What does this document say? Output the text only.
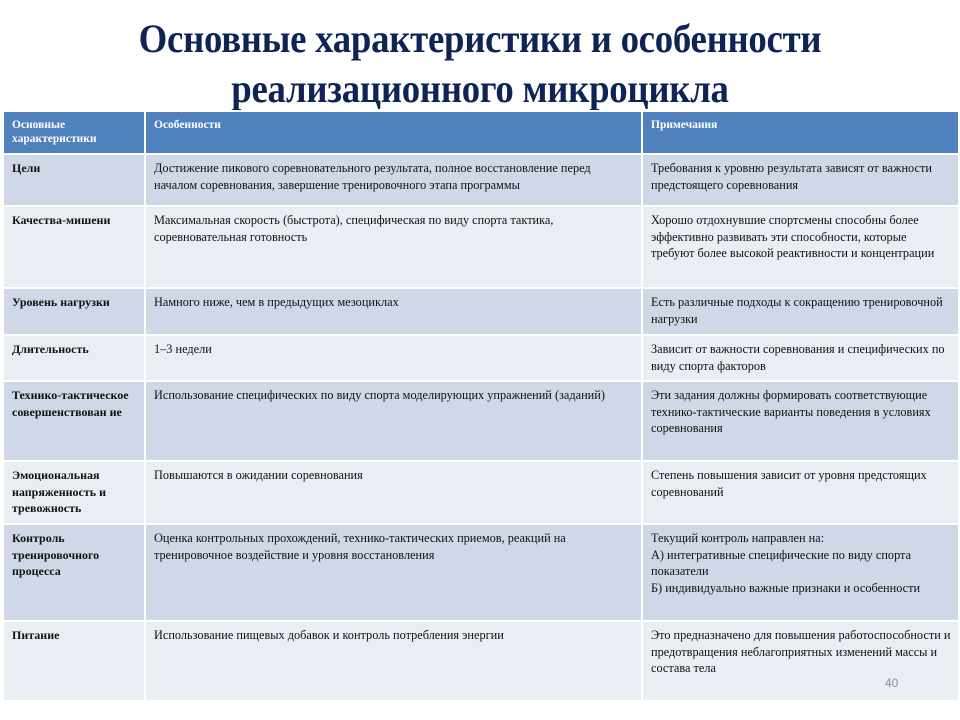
Основные характеристики и особенности
реализационного микроцикла
Основные характеристики	Особенности	Примечания
Цели	Достижение пикового соревновательного результата, полное восстановление перед началом соревнования, завершение тренировочного этапа программы	Требования к уровню результата зависят от важности предстоящего соревнования
Качества-мишени	Максимальная скорость (быстрота), специфическая по виду спорта тактика, соревновательная готовность	Хорошо отдохнувшие спортсмены способны более эффективно развивать эти способности, которые требуют более высокой реактивности и концентрации
Уровень нагрузки	Намного ниже, чем в предыдущих мезоциклах	Есть различные подходы к сокращению тренировочной нагрузки
Длительность	1–3 недели	Зависит от важности соревнования и специфических по виду спорта факторов
Технико-тактическое совершенствован ие	Использование специфических по виду спорта моделирующих упражнений (заданий)	Эти задания должны формировать соответствующие технико-тактические варианты поведения в условиях соревнования
Эмоциональная напряженность и тревожность	Повышаются в ожидании соревнования	Степень повышения зависит от уровня предстоящих соревнований
Контроль тренировочного процесса	Оценка контрольных прохождений, технико-тактических приемов, реакций на тренировочное воздействие и уровня восстановления	Текущий контроль направлен на:
А) интегративные специфические по виду спорта показатели
Б) индивидуально важные признаки и особенности

Питание	Использование пищевых добавок и контроль потребления энергии	Это предназначено для повышения работоспособности и предотвращения неблагоприятных изменений массы и состава тела
40
